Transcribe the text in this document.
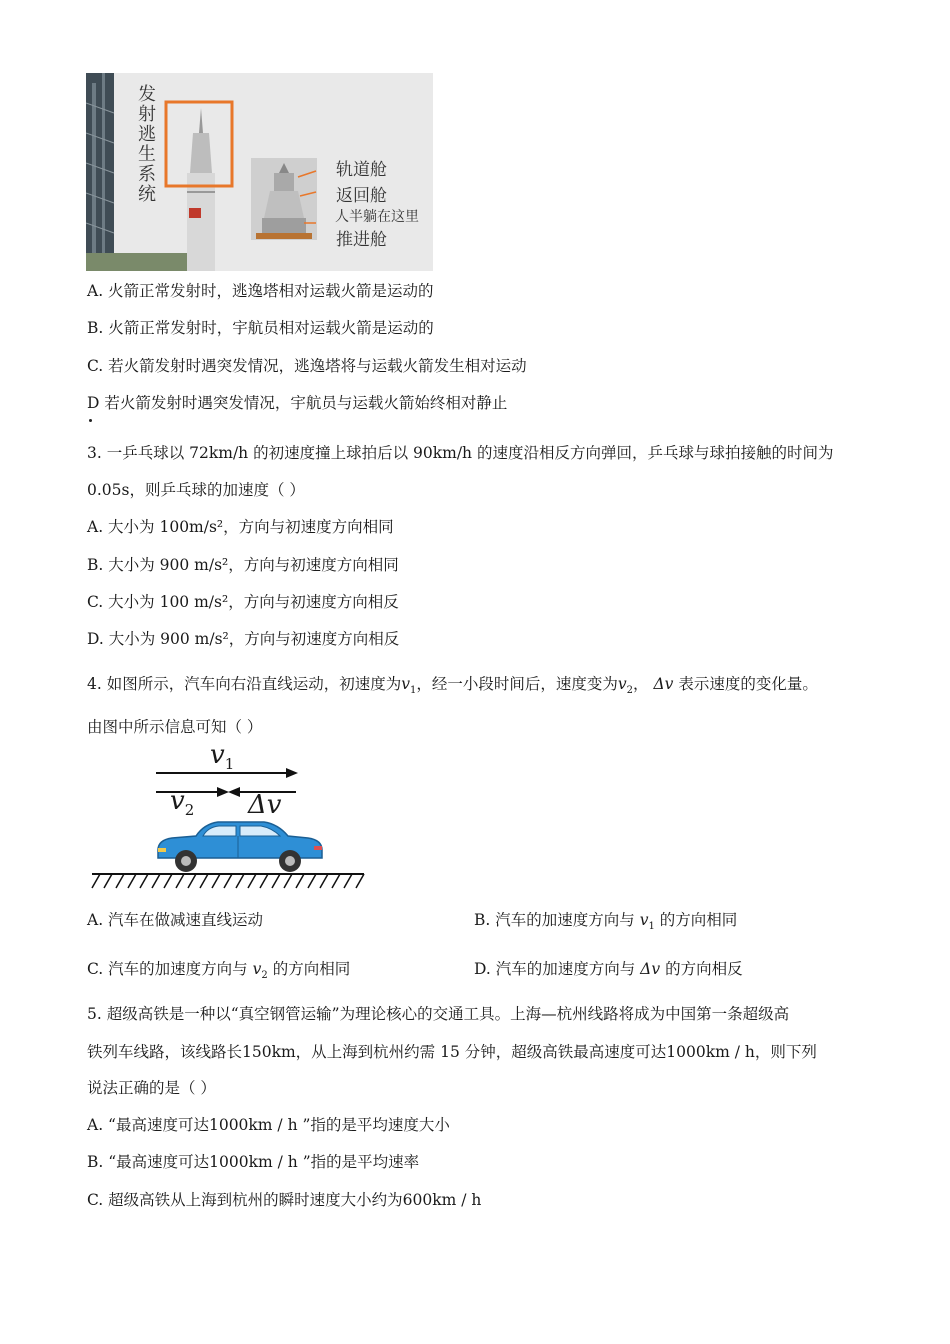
发
射
逃
生
系
统
轨道舱
返回舱
人半躺在这里
推进舱
A. 火箭正常发射时，逃逸塔相对运载火箭是运动的
B. 火箭正常发射时，宇航员相对运载火箭是运动的
C. 若火箭发射时遇突发情况，逃逸塔将与运载火箭发生相对运动
D 若火箭发射时遇突发情况，宇航员与运载火箭始终相对静止
3. 一乒乓球以 72km/h 的初速度撞上球拍后以 90km/h 的速度沿相反方向弹回，乒乓球与球拍接触的时间为
0.05s，则乒乓球的加速度（ ）
A. 大小为 100m/s²，方向与初速度方向相同
B. 大小为 900 m/s²，方向与初速度方向相同
C. 大小为 100 m/s²，方向与初速度方向相反
D. 大小为 900 m/s²，方向与初速度方向相反
4. 如图所示，汽车向右沿直线运动，初速度为$v_1$，经一小段时间后，速度变为$v_2$， Δv 表示速度的变化量。
由图中所示信息可知（ ）
$v_1$
$v_2$ Δv
A. 汽车在做减速直线运动	B. 汽车的加速度方向与 $v_1$ 的方向相同
C. 汽车的加速度方向与 $v_2$ 的方向相同	D. 汽车的加速度方向与 Δv 的方向相反
5. 超级高铁是一种以“真空钢管运输”为理论核心的交通工具。上海—杭州线路将成为中国第一条超级高
铁列车线路，该线路长150km，从上海到杭州约需 15 分钟，超级高铁最高速度可达1000km / h，则下列
说法正确的是（ ）
A. “最高速度可达1000km / h ”指的是平均速度大小
B. “最高速度可达1000km / h ”指的是平均速率
C. 超级高铁从上海到杭州的瞬时速度大小约为600km / h
